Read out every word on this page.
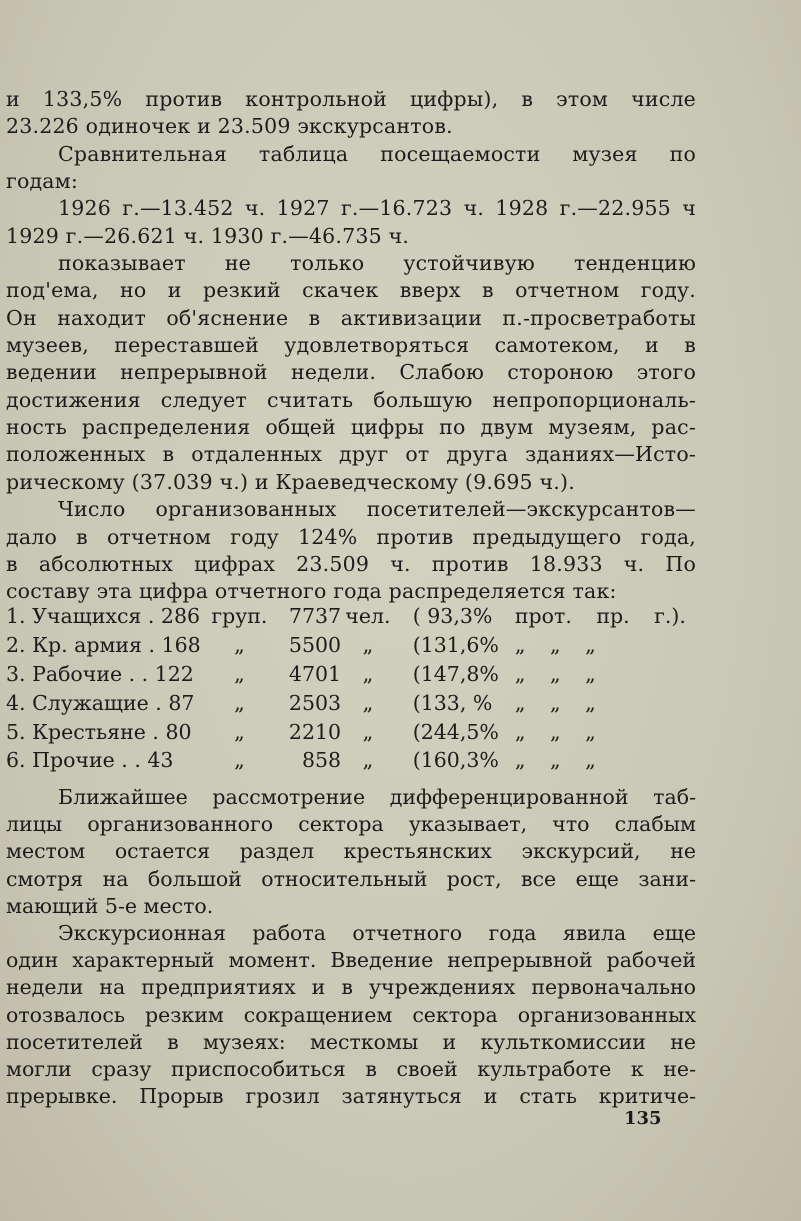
и 133,5% против контрольной цифры), в этом числе

23.226 одиночек и 23.509 экскурсантов.

Сравнительная таблица посещаемости музея по

годам:

1926 г.—13.452 ч. 1927 г.—16.723 ч. 1928 г.—22.955 ч

1929 г.—26.621 ч. 1930 г.—46.735 ч.

показывает не только устойчивую тенденцию

под'ема, но и резкий скачек вверх в отчетном году.

Он находит об'яснение в активизации п.-просветработы

музеев, переставшей удовлетворяться самотеком, и в

ведении непрерывной недели. Слабою стороною этого

достижения следует считать большую непропорциональ-

ность распределения общей цифры по двум музеям, рас-

положенных в отдаленных друг от друга зданиях—Исто-

рическому (37.039 ч.) и Краеведческому (9.695 ч.).

Число организованных посетителей—экскурсантов—

дало в отчетном году 124% против предыдущего года,

в абсолютных цифрах 23.509 ч. против 18.933 ч. По

составу эта цифра отчетного года распределяется так:

1. Учащихся . 286	груп.	7737	чел.	( 93,3%	прот. пр. г.).
2. Кр. армия . 168	„	5500	„	(131,6%	„ „ „
3. Рабочие . . 122	„	4701	„	(147,8%	„ „ „
4. Служащие . 87	„	2503	„	(133, %	„ „ „
5. Крестьяне . 80	„	2210	„	(244,5%	„ „ „
6. Прочие . . 43	„	858	„	(160,3%	„ „ „

Ближайшее рассмотрение дифференцированной таб-

лицы организованного сектора указывает, что слабым

местом остается раздел крестьянских экскурсий, не

смотря на большой относительный рост, все еще зани-

мающий 5-е место.

Экскурсионная работа отчетного года явила еще

один характерный момент. Введение непрерывной рабочей

недели на предприятиях и в учреждениях первоначально

отозвалось резким сокращением сектора организованных

посетителей в музеях: месткомы и культкомиссии не

могли сразу приспособиться в своей культработе к не-

прерывке. Прорыв грозил затянуться и стать критиче-

135
